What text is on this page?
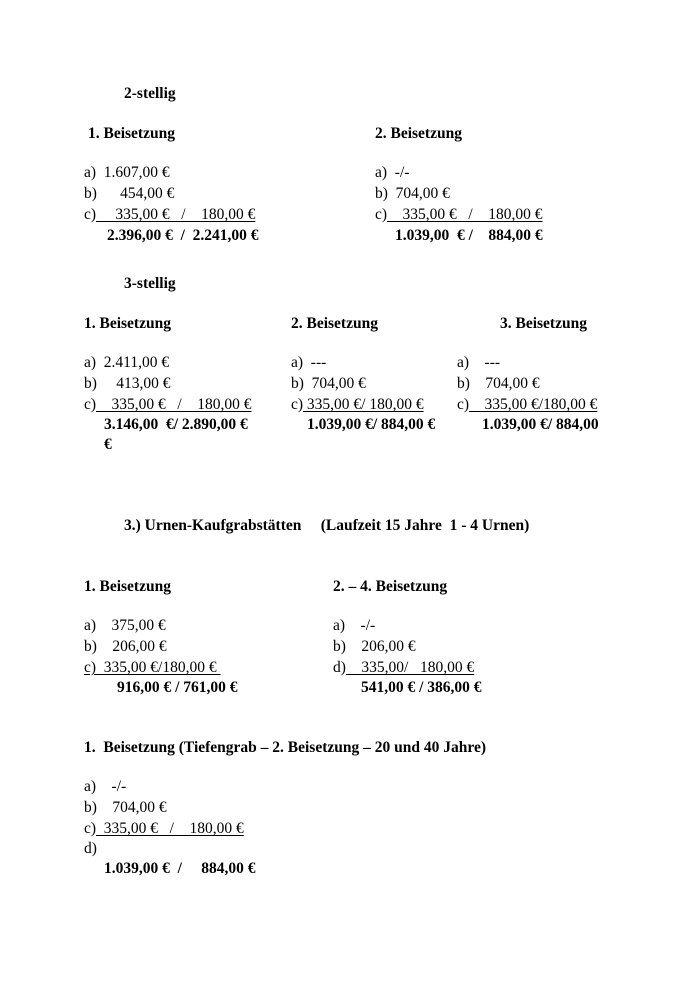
2-stellig
1. Beisetzung
a)  1.607,00 €
b)      454,00 €
c)     335,00 €   /    180,00 €
2.396,00 €  /  2.241,00 €
2. Beisetzung
a)  -/-
b)  704,00 €
c)    335,00 €   /    180,00 €
1.039,00  € /    884,00 €
3-stellig
1. Beisetzung
a)  2.411,00 €
b)     413,00 €
c)    335,00 €   /    180,00 €
3.146,00  €/ 2.890,00 €
€
2. Beisetzung
a)  ---
b)  704,00 €
c) 335,00 €/ 180,00 €
1.039,00 €/ 884,00 €
3. Beisetzung
a)    ---
b)    704,00 €
c)    335,00 €/180,00 €
1.039,00 €/ 884,00
3.) Urnen-Kaufgrabstätten     (Laufzeit 15 Jahre  1 - 4 Urnen)
1. Beisetzung
a)    375,00 €
b)    206,00 €
c)  335,00 €/180,00 €
916,00 € / 761,00 €
2. – 4. Beisetzung
a)    -/-
b)    206,00 €
d)    335,00/   180,00 €
541,00 € / 386,00 €
1.  Beisetzung (Tiefengrab – 2. Beisetzung – 20 und 40 Jahre)
a)    -/-
b)    704,00 €
c)  335,00 €   /    180,00 €
d)
1.039,00 €  /     884,00 €
